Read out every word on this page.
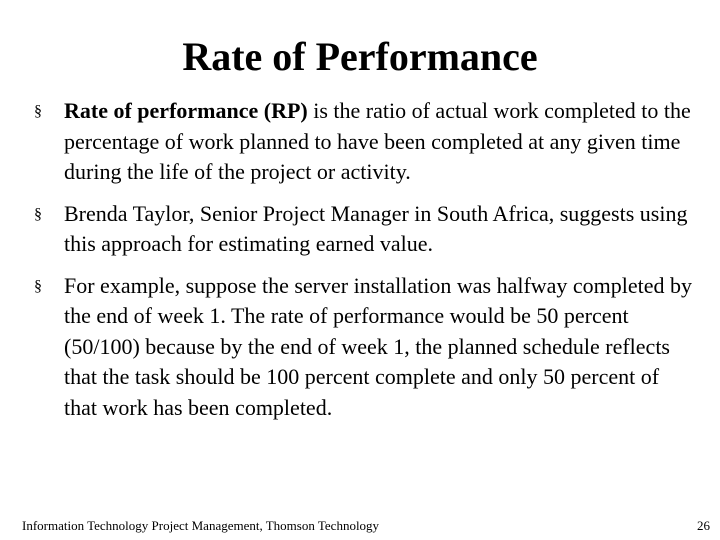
Rate of Performance
§ Rate of performance (RP) is the ratio of actual work completed to the percentage of work planned to have been completed at any given time during the life of the project or activity.
§ Brenda Taylor, Senior Project Manager in South Africa, suggests using this approach for estimating earned value.
§ For example, suppose the server installation was halfway completed by the end of week 1. The rate of performance would be 50 percent (50/100) because by the end of week 1, the planned schedule reflects that the task should be 100 percent complete and only 50 percent of that work has been completed.
Information Technology Project Management, Thomson Technology	26
